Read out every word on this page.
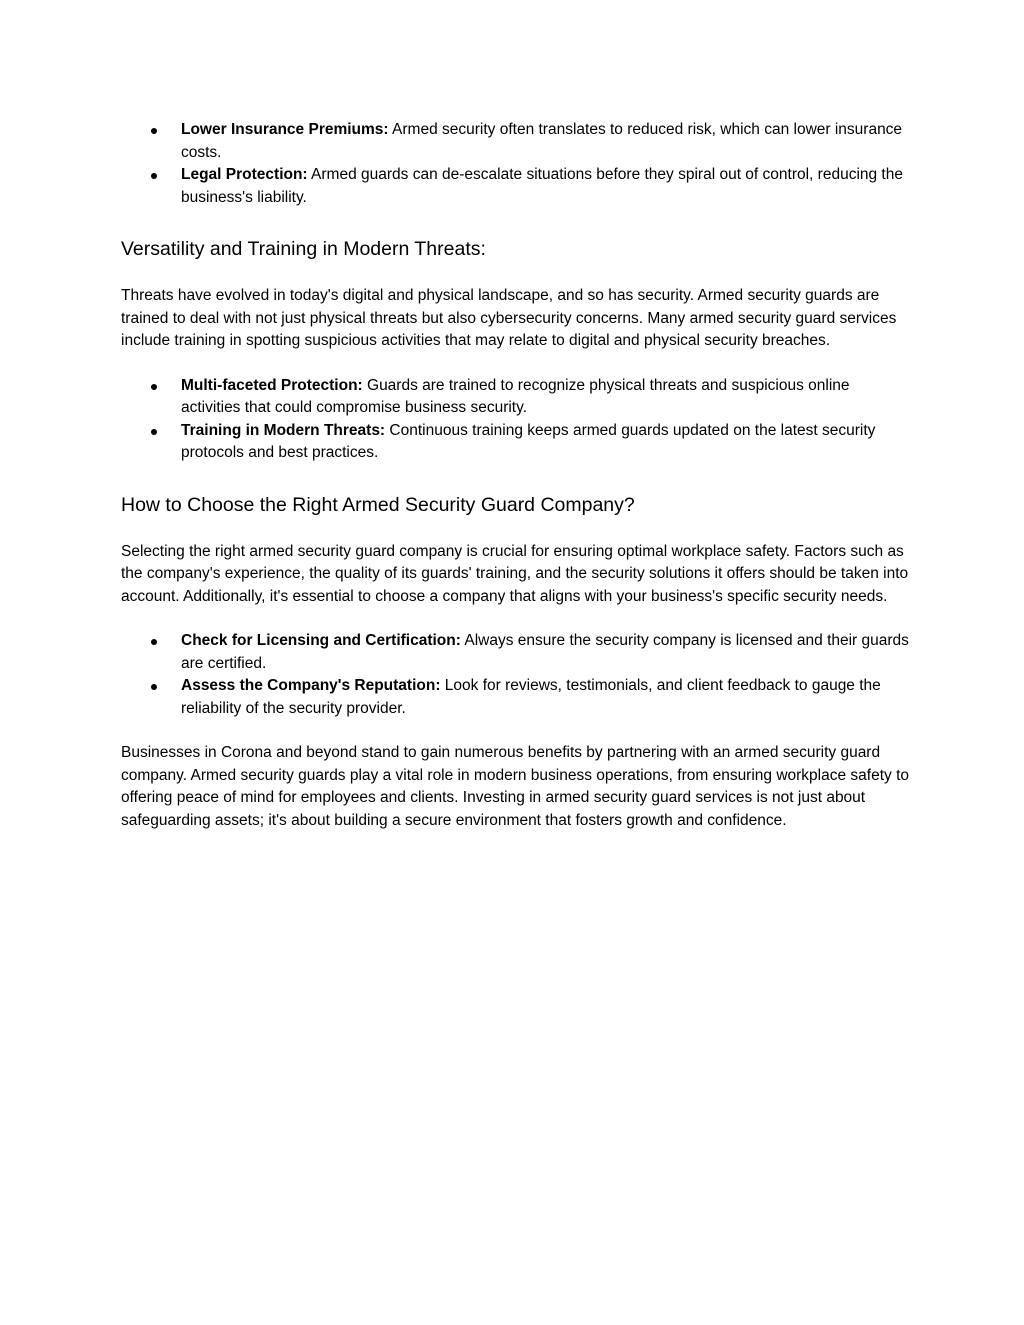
Lower Insurance Premiums: Armed security often translates to reduced risk, which can lower insurance costs.

Legal Protection: Armed guards can de-escalate situations before they spiral out of control, reducing the business's liability.

Versatility and Training in Modern Threats:

Threats have evolved in today's digital and physical landscape, and so has security. Armed security guards are trained to deal with not just physical threats but also cybersecurity concerns. Many armed security guard services include training in spotting suspicious activities that may relate to digital and physical security breaches.

Multi-faceted Protection: Guards are trained to recognize physical threats and suspicious online activities that could compromise business security.

Training in Modern Threats: Continuous training keeps armed guards updated on the latest security protocols and best practices.

How to Choose the Right Armed Security Guard Company?

Selecting the right armed security guard company is crucial for ensuring optimal workplace safety. Factors such as the company's experience, the quality of its guards' training, and the security solutions it offers should be taken into account. Additionally, it's essential to choose a company that aligns with your business's specific security needs.

Check for Licensing and Certification: Always ensure the security company is licensed and their guards are certified.

Assess the Company's Reputation: Look for reviews, testimonials, and client feedback to gauge the reliability of the security provider.

Businesses in Corona and beyond stand to gain numerous benefits by partnering with an armed security guard company. Armed security guards play a vital role in modern business operations, from ensuring workplace safety to offering peace of mind for employees and clients. Investing in armed security guard services is not just about safeguarding assets; it's about building a secure environment that fosters growth and confidence.
